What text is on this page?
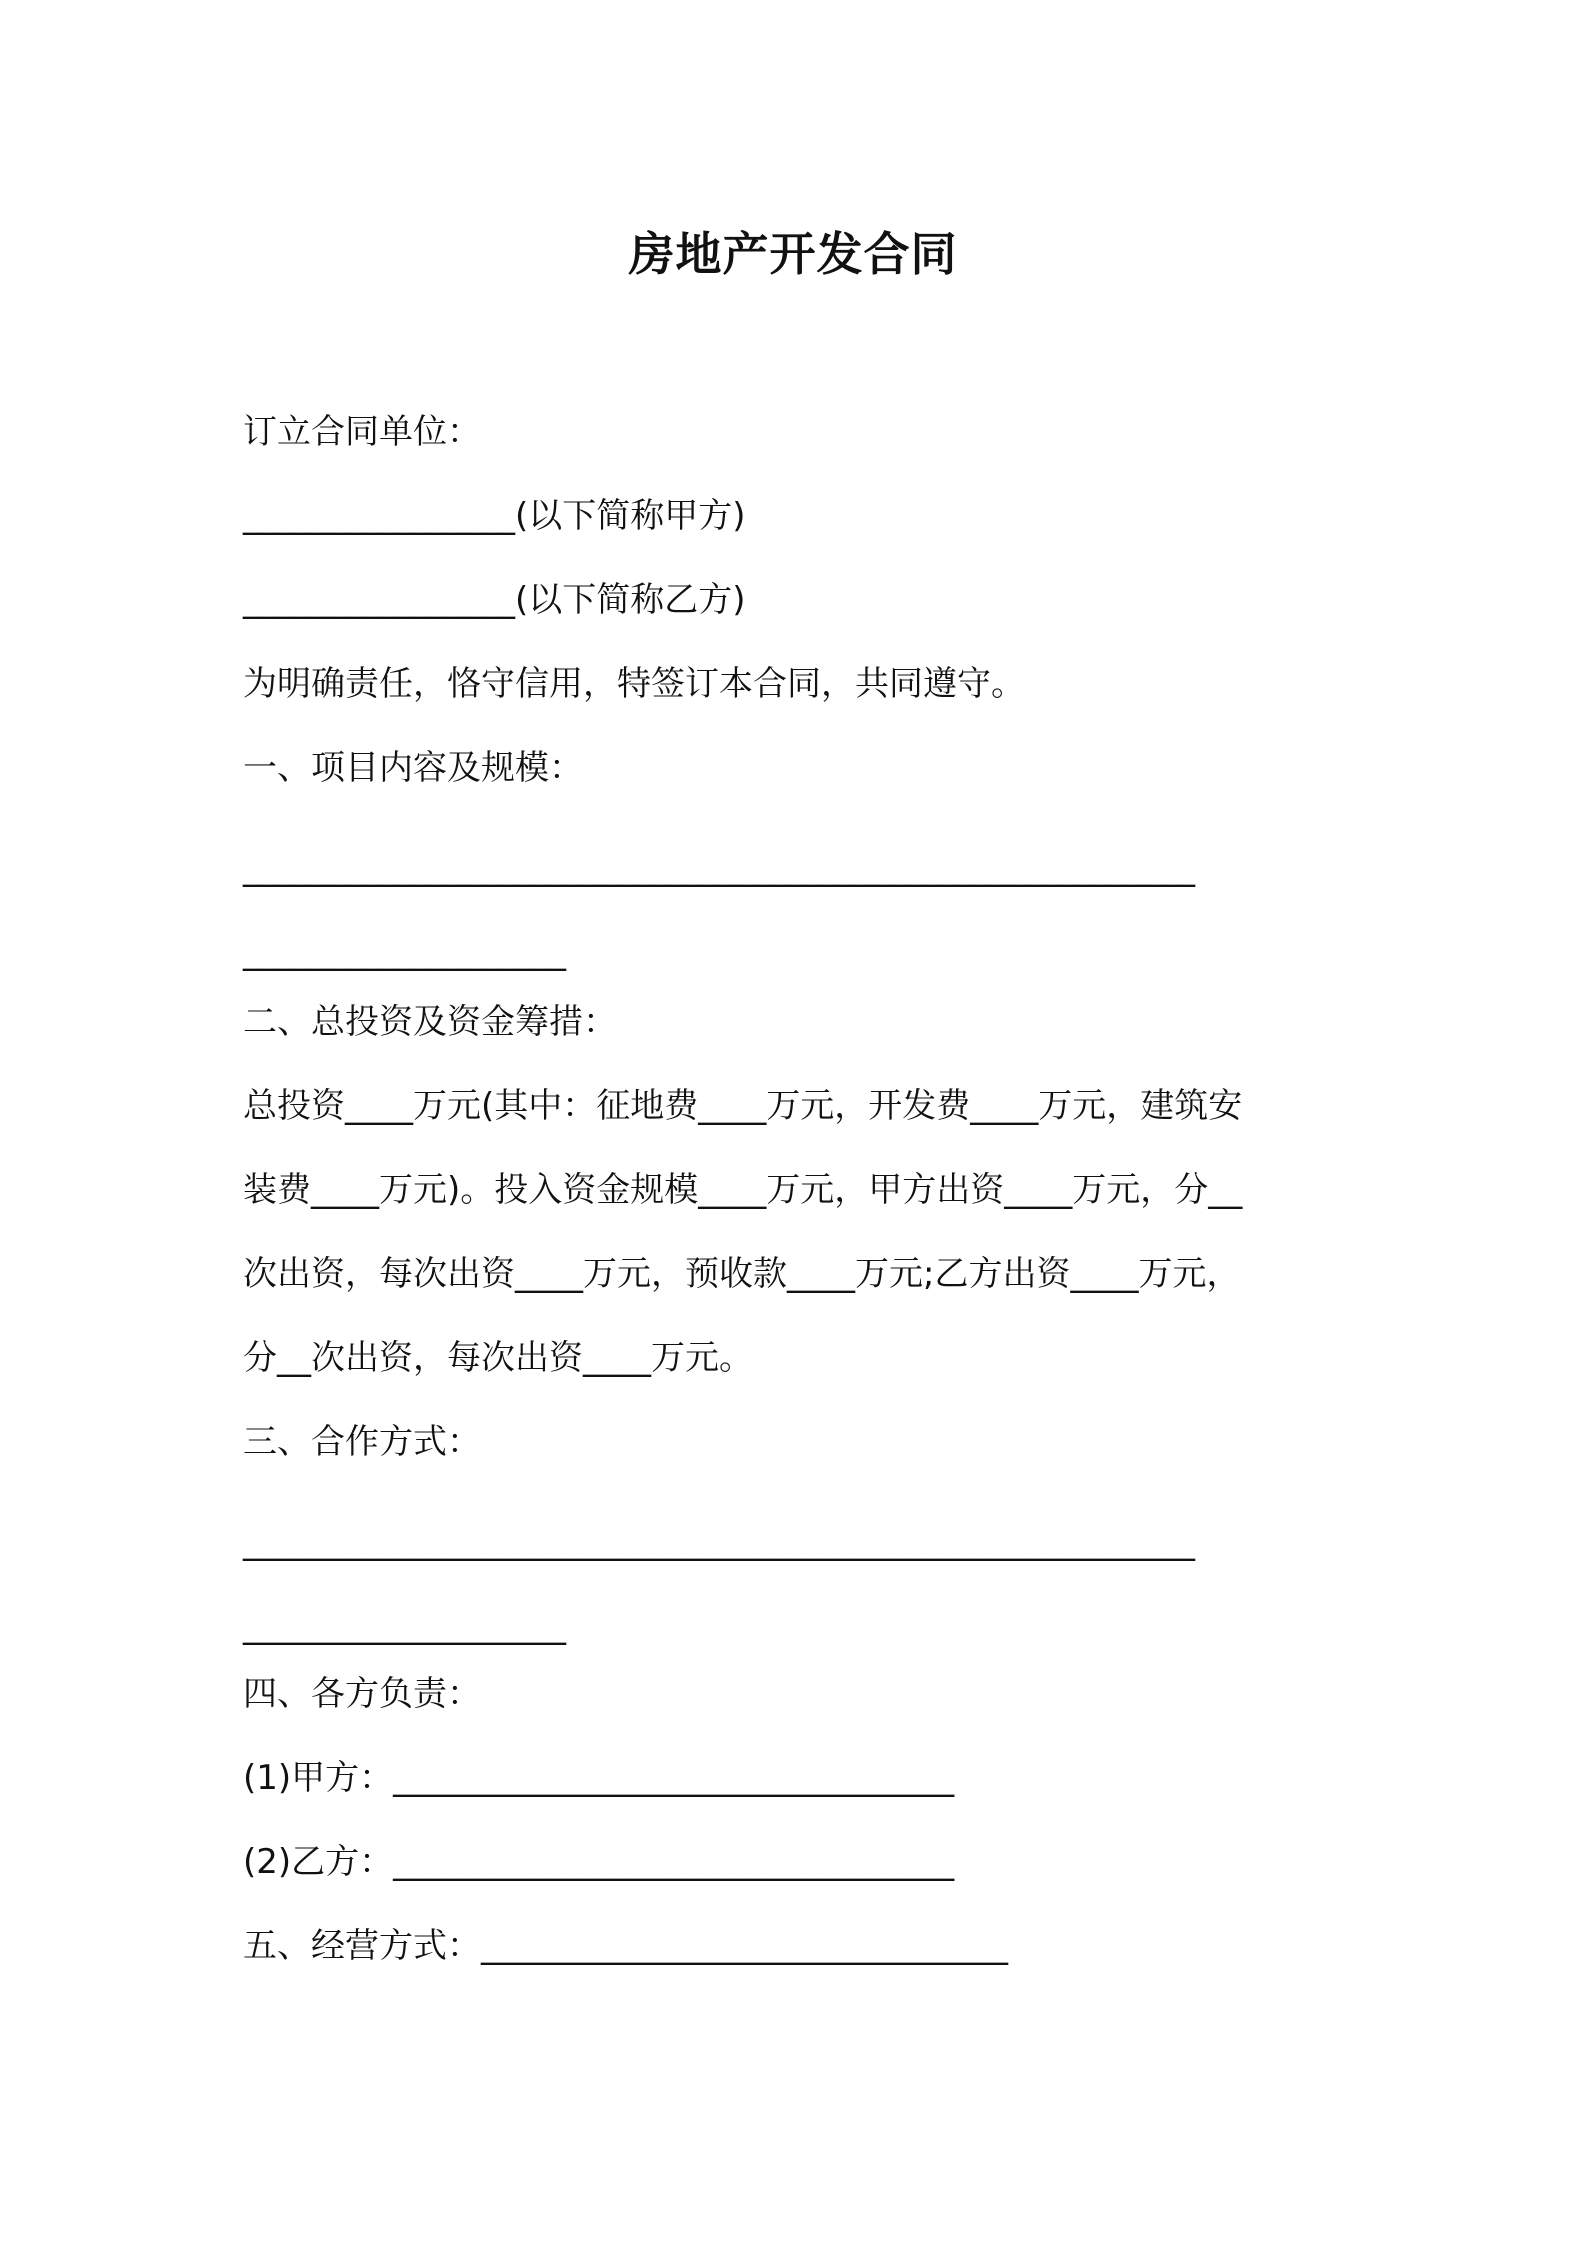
房地产开发合同
订立合同单位：
________________(以下简称甲方)
________________(以下简称乙方)
为明确责任，恪守信用，特签订本合同，共同遵守。
一、项目内容及规模：
________________________________________________________
___________________
二、总投资及资金筹措：
总投资____万元(其中：征地费____万元，开发费____万元，建筑安
装费____万元)。投入资金规模____万元，甲方出资____万元，分__
次出资，每次出资____万元，预收款____万元;乙方出资____万元，
分__次出资，每次出资____万元。
三、合作方式：
________________________________________________________
___________________
四、各方负责：
(1)甲方：_________________________________
(2)乙方：_________________________________
五、经营方式：_______________________________
